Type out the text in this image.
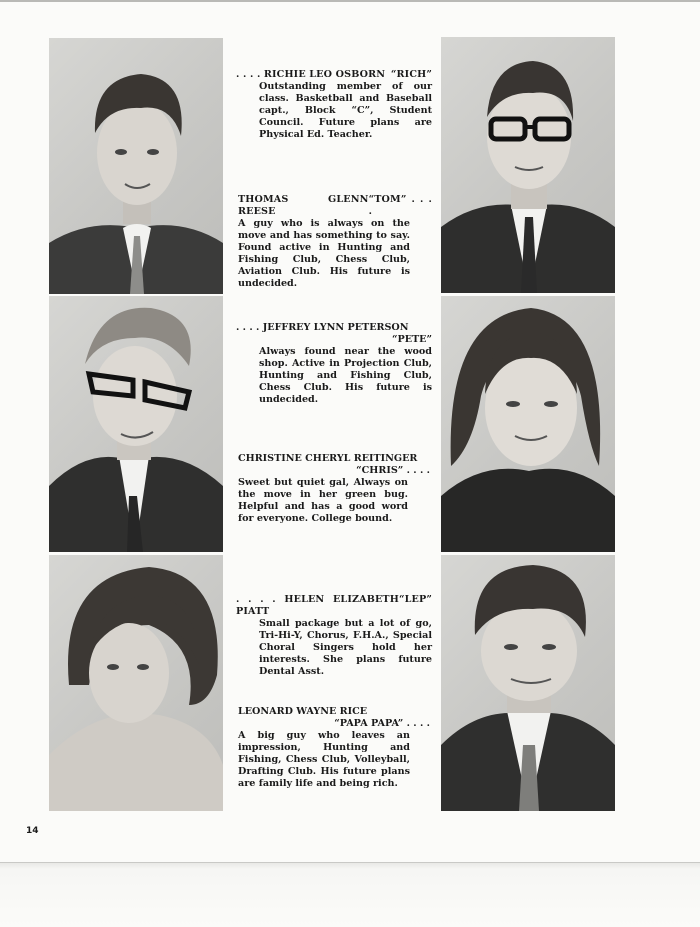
. . . . RICHIE LEO OSBORN “RICH”
Outstanding member of our class. Basketball and Baseball capt., Block “C”, Student Council. Future plans are Physical Ed. Teacher.
THOMAS GLENN REESE
“TOM” . . . .
A guy who is always on the move and has something to say. Found active in Hunting and Fishing Club, Chess Club, Aviation Club. His future is undecided.
. . . . JEFFREY LYNN PETERSON
“PETE”
Always found near the wood shop. Active in Projection Club, Hunting and Fishing Club, Chess Club. His future is undecided.
CHRISTINE CHERYL REITINGER
“CHRIS” . . . .
Sweet but quiet gal, Always on the move in her green bug. Helpful and has a good word for everyone. College bound.
. . . . HELEN ELIZABETH PIATT
“LEP”
Small package but a lot of go, Tri-Hi-Y, Chorus, F.H.A., Special Choral Singers hold her interests. She plans future Dental Asst.
LEONARD WAYNE RICE
“PAPA PAPA” . . . .
A big guy who leaves an impression, Hunting and Fishing, Chess Club, Volleyball, Drafting Club. His future plans are family life and being rich.
14
